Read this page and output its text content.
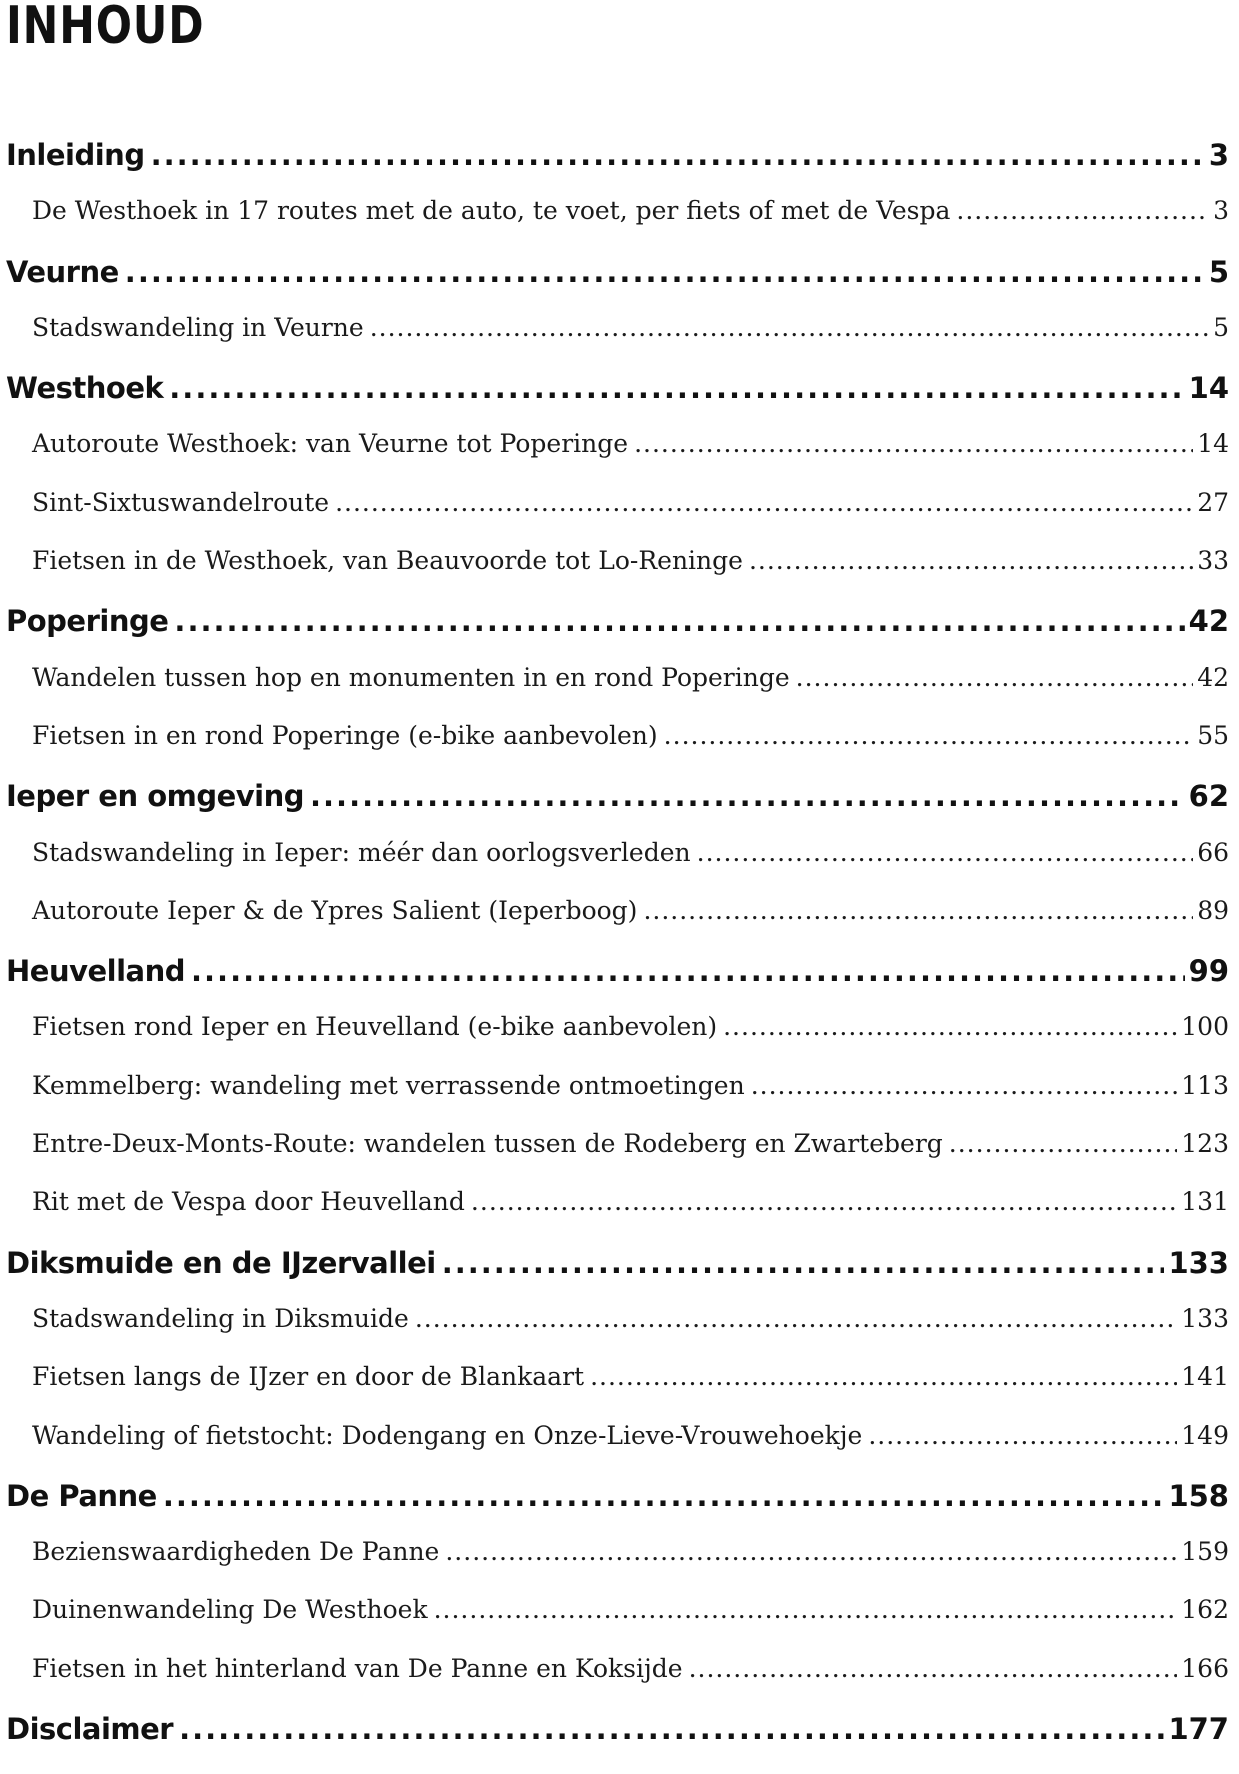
INHOUD
Inleiding .....	3
De Westhoek in 17 routes met de auto, te voet, per fiets of met de Vespa .....	3
Veurne .....	5
Stadswandeling in Veurne .....	5
Westhoek .....	14
Autoroute Westhoek: van Veurne tot Poperinge .....	14
Sint-Sixtuswandelroute .....	27
Fietsen in de Westhoek, van Beauvoorde tot Lo-Reninge .....	33
Poperinge .....	42
Wandelen tussen hop en monumenten in en rond Poperinge .....	42
Fietsen in en rond Poperinge (e-bike aanbevolen) .....	55
Ieper en omgeving .....	62
Stadswandeling in Ieper: méér dan oorlogsverleden .....	66
Autoroute Ieper & de Ypres Salient (Ieperboog) .....	89
Heuvelland .....	99
Fietsen rond Ieper en Heuvelland (e-bike aanbevolen) .....	100
Kemmelberg: wandeling met verrassende ontmoetingen .....	113
Entre-Deux-Monts-Route: wandelen tussen de Rodeberg en Zwarteberg .....	123
Rit met de Vespa door Heuvelland .....	131
Diksmuide en de IJzervallei .....	133
Stadswandeling in Diksmuide .....	133
Fietsen langs de IJzer en door de Blankaart .....	141
Wandeling of fietstocht: Dodengang en Onze-Lieve-Vrouwehoekje .....	149
De Panne .....	158
Bezienswaardigheden De Panne .....	159
Duinenwandeling De Westhoek .....	162
Fietsen in het hinterland van De Panne en Koksijde .....	166
Disclaimer .....	177
